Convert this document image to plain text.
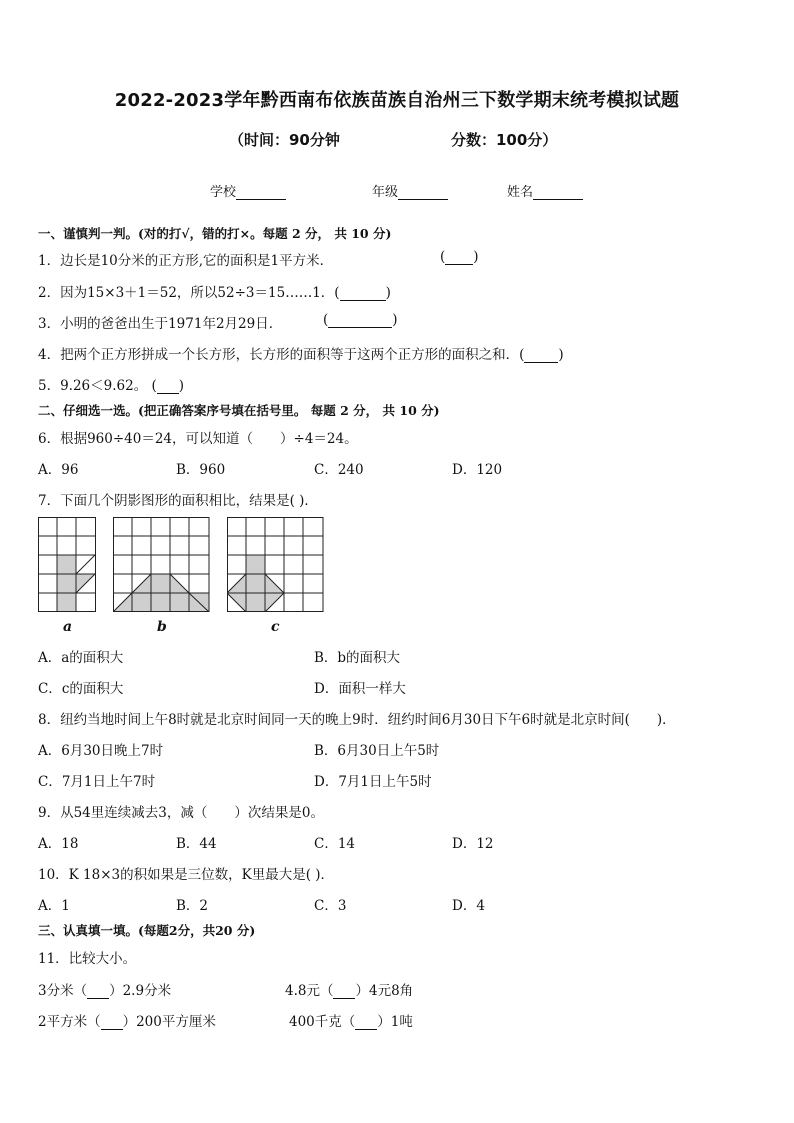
2022-2023学年黔西南布依族苗族自治州三下数学期末统考模拟试题
（时间：90分钟	分数：100分）
学校	年级	姓名
一、谨慎判一判。(对的打√，错的打×。每题 2 分， 共 10 分)
1．边长是10分米的正方形,它的面积是1平方米．	( )
2．因为15×3＋1＝52，所以52÷3＝15……1．(	)
3．小明的爸爸出生于1971年2月29日．	(	)
4．把两个正方形拼成一个长方形，长方形的面积等于这两个正方形的面积之和．(	)
5．9.26＜9.62。 ( )
二、仔细选一选。(把正确答案序号填在括号里。 每题 2 分， 共 10 分)
6．根据960÷40＝24，可以知道（　　）÷4＝24。
A．96	B．960	C．240	D．120
7．下面几个阴影图形的面积相比，结果是( )．
a	b	c
A．a的面积大	B．b的面积大
C．c的面积大	D．面积一样大
8．纽约当地时间上午8时就是北京时间同一天的晚上9时．纽约时间6月30日下午6时就是北京时间(　　)．
A．6月30日晚上7时	B．6月30日上午5时
C．7月1日上午7时	D．7月1日上午5时
9．从54里连续减去3，减（　　）次结果是0。
A．18	B．44	C．14	D．12
10．K 18×3的积如果是三位数，K里最大是( )．
A．1	B．2	C．3	D．4
三、认真填一填。(每题2分，共20 分)
11．比较大小。
3分米（ ）2.9分米	4.8元（ ）4元8角
2平方米（ ）200平方厘米	400千克（ ）1吨
